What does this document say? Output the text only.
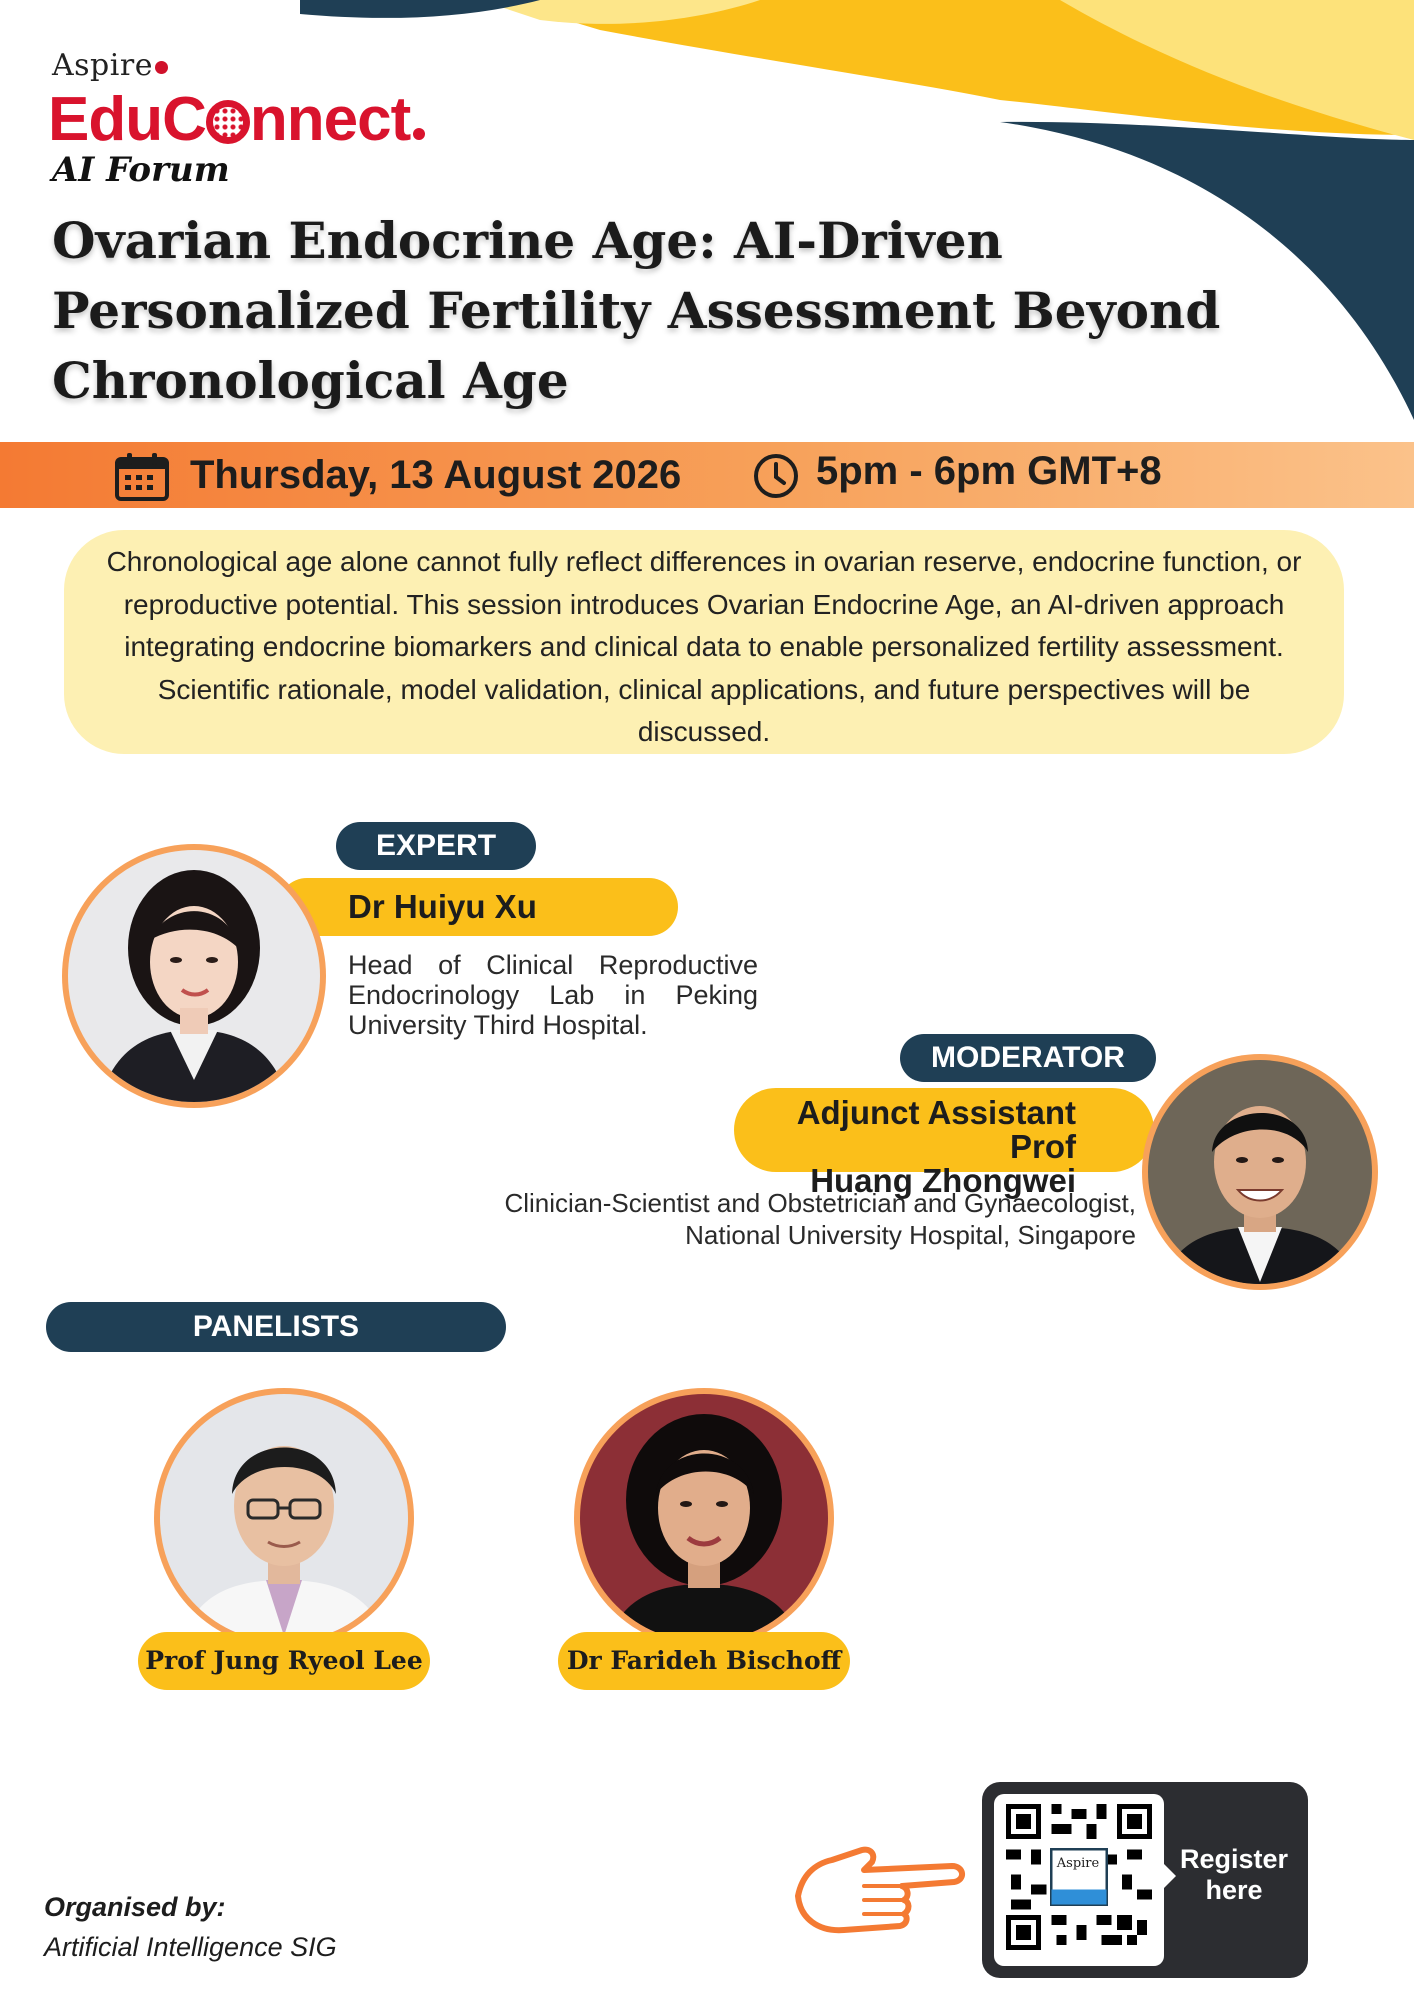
Aspire
EduC nnect
AI Forum
Ovarian Endocrine Age: AI-Driven Personalized Fertility Assessment Beyond Chronological Age
Thursday, 13 August 2026	5pm - 6pm GMT+8

Chronological age alone cannot fully reflect differences in ovarian reserve, endocrine function, or reproductive potential. This session introduces Ovarian Endocrine Age, an AI-driven approach integrating endocrine biomarkers and clinical data to enable personalized fertility assessment. Scientific rationale, model validation, clinical applications, and future perspectives will be discussed.

Dr Huiyu Xu
EXPERT

Head of Clinical Reproductive Endocrinology Lab in Peking University Third Hospital.

MODERATOR
Adjunct Assistant Prof
Huang Zhongwei

Clinician-Scientist and Obstetrician and Gynaecologist,
National University Hospital, Singapore

PANELISTS
Prof Jung Ryeol Lee	Dr Farideh Bischoff
Organised by:
Artificial Intelligence SIG
Aspire	Register
here
